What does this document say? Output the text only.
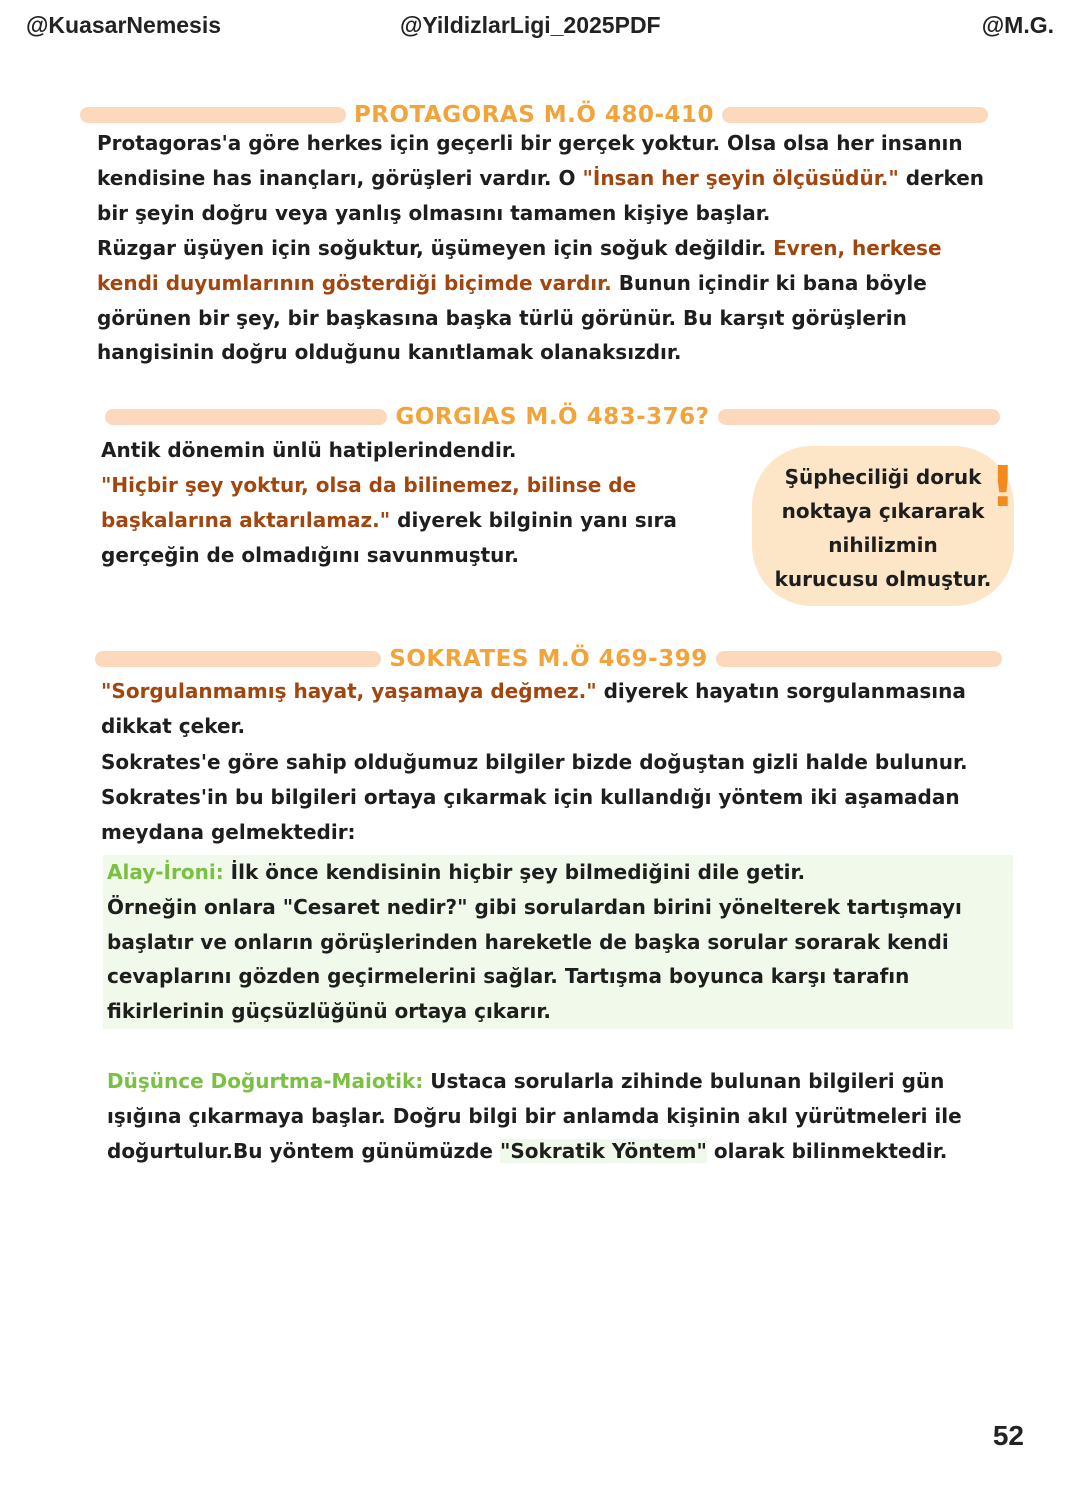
@KuasarNemesis	@YildizlarLigi_2025PDF	@M.G.
PROTAGORAS M.Ö 480-410
Protagoras'a göre herkes için geçerli bir gerçek yoktur. Olsa olsa her insanın kendisine has inançları, görüşleri vardır. O "İnsan her şeyin ölçüsüdür." derken bir şeyin doğru veya yanlış olmasını tamamen kişiye başlar.
Rüzgar üşüyen için soğuktur, üşümeyen için soğuk değildir. Evren, herkese kendi duyumlarının gösterdiği biçimde vardır. Bunun içindir ki bana böyle görünen bir şey, bir başkasına başka türlü görünür. Bu karşıt görüşlerin hangisinin doğru olduğunu kanıtlamak olanaksızdır.
GORGIAS M.Ö 483-376?
Antik dönemin ünlü hatiplerindendir.
"Hiçbir şey yoktur, olsa da bilinemez, bilinse de başkalarına aktarılamaz." diyerek bilginin yanı sıra gerçeğin de olmadığını savunmuştur.
Şüpheciliği doruk noktaya çıkararak nihilizmin kurucusu olmuştur.
!
SOKRATES M.Ö 469-399
"Sorgulanmamış hayat, yaşamaya değmez." diyerek hayatın sorgulanmasına dikkat çeker.
Sokrates'e göre sahip olduğumuz bilgiler bizde doğuştan gizli halde bulunur. Sokrates'in bu bilgileri ortaya çıkarmak için kullandığı yöntem iki aşamadan meydana gelmektedir:
Alay-İroni: İlk önce kendisinin hiçbir şey bilmediğini dile getir.
Örneğin onlara "Cesaret nedir?" gibi sorulardan birini yönelterek tartışmayı başlatır ve onların görüşlerinden hareketle de başka sorular sorarak kendi cevaplarını gözden geçirmelerini sağlar. Tartışma boyunca karşı tarafın fikirlerinin güçsüzlüğünü ortaya çıkarır.
Düşünce Doğurtma-Maiotik: Ustaca sorularla zihinde bulunan bilgileri gün ışığına çıkarmaya başlar. Doğru bilgi bir anlamda kişinin akıl yürütmeleri ile doğurtulur.Bu yöntem günümüzde "Sokratik Yöntem" olarak bilinmektedir.
52
